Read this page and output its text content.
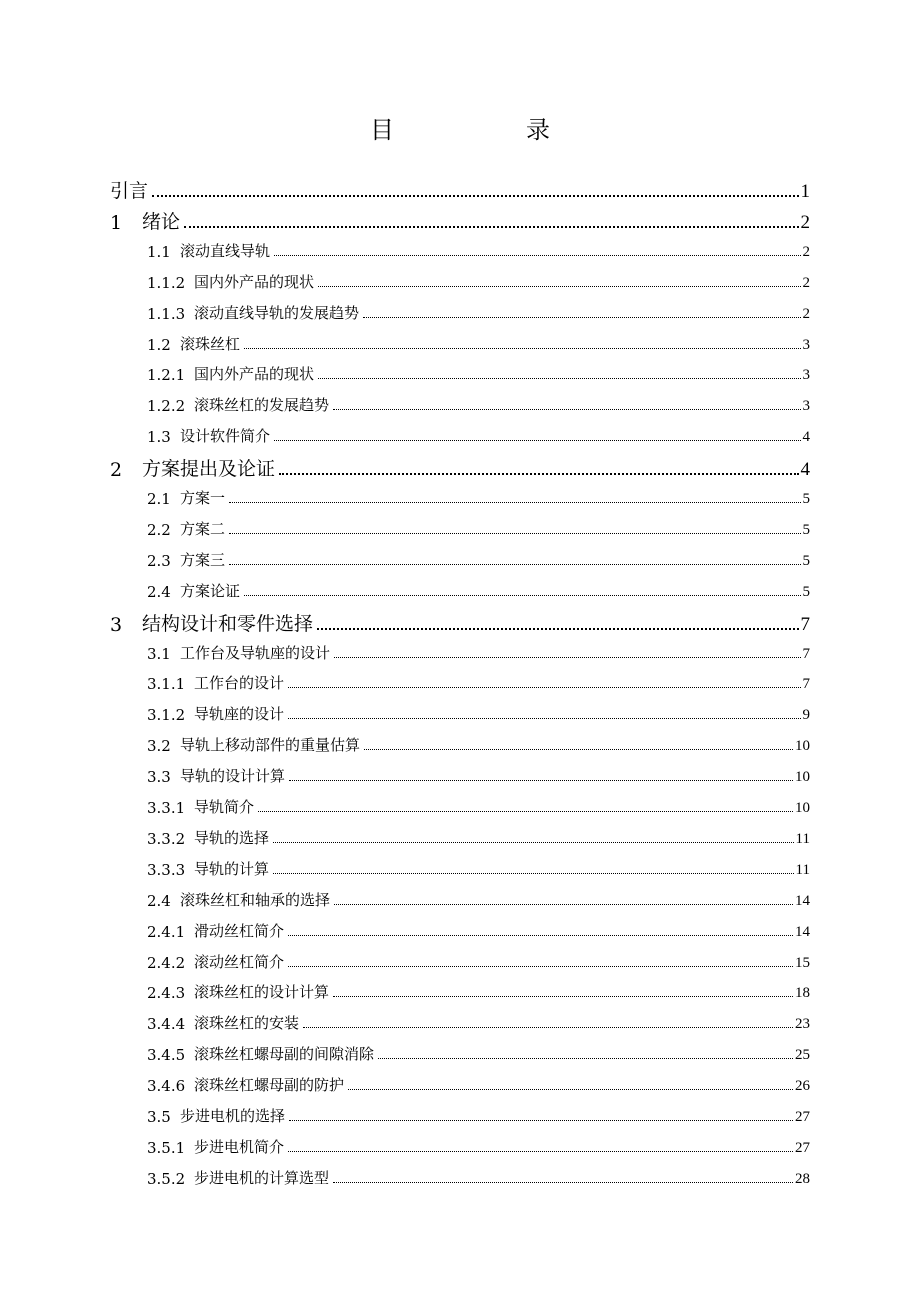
目　录
引言	1
1	绪论	2
1.1 滚动直线导轨	2
1.1.2 国内外产品的现状	2
1.1.3 滚动直线导轨的发展趋势	2
1.2 滚珠丝杠	3
1.2.1 国内外产品的现状	3
1.2.2 滚珠丝杠的发展趋势	3
1.3 设计软件简介	4
2	方案提出及论证	4
2.1 方案一	5
2.2 方案二	5
2.3 方案三	5
2.4 方案论证	5
3	结构设计和零件选择	7
3.1 工作台及导轨座的设计	7
3.1.1 工作台的设计	7
3.1.2 导轨座的设计	9
3.2 导轨上移动部件的重量估算	10
3.3 导轨的设计计算	10
3.3.1 导轨简介	10
3.3.2 导轨的选择	11
3.3.3 导轨的计算	11
2.4 滚珠丝杠和轴承的选择	14
2.4.1 滑动丝杠简介	14
2.4.2 滚动丝杠简介	15
2.4.3 滚珠丝杠的设计计算	18
3.4.4 滚珠丝杠的安装	23
3.4.5 滚珠丝杠螺母副的间隙消除	25
3.4.6 滚珠丝杠螺母副的防护	26
3.5 步进电机的选择	27
3.5.1 步进电机简介	27
3.5.2 步进电机的计算选型	28
